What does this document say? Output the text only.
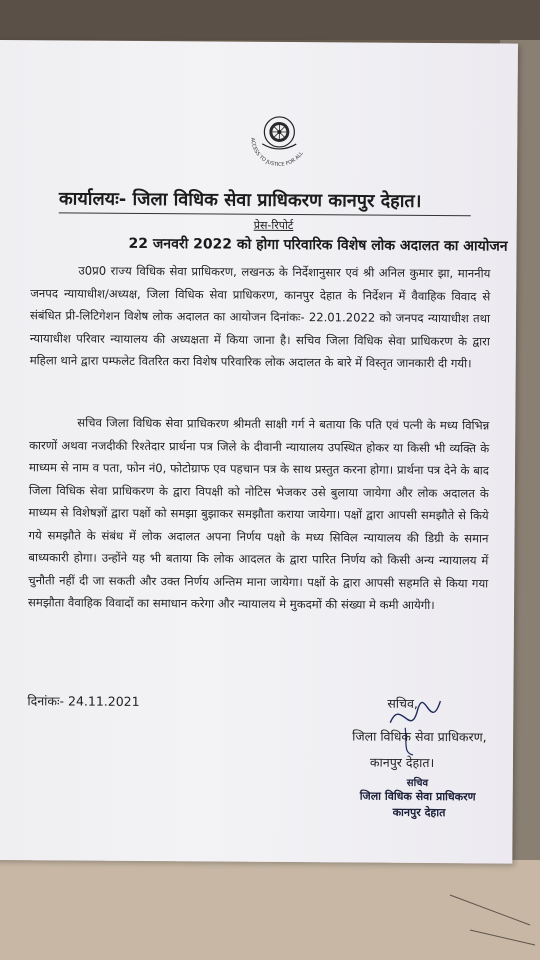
ACCESS TO JUSTICE FOR ALL
कार्यालयः- जिला विधिक सेवा प्राधिकरण कानपुर देहात।
प्रेस-रिपोर्ट
22 जनवरी 2022 को होगा परिवारिक विशेष लोक अदालत का आयोजन

उ0प्र0 राज्य विधिक सेवा प्राधिकरण, लखनऊ के निर्देशानुसार एवं श्री अनिल कुमार झा, माननीय जनपद न्यायाधीश/अध्यक्ष, जिला विधिक सेवा प्राधिकरण, कानपुर देहात के निर्देशन में वैवाहिक विवाद से संबंधित प्री-लिटिगेशन विशेष लोक अदालत का आयोजन दिनांकः- 22.01.2022 को जनपद न्यायाधीश तथा न्यायाधीश परिवार न्यायालय की अध्यक्षता में किया जाना है। सचिव जिला विधिक सेवा प्राधिकरण के द्वारा महिला थाने द्वारा पम्फलेट वितरित करा विशेष परिवारिक लोक अदालत के बारे में विस्तृत जानकारी दी गयी।

सचिव जिला विधिक सेवा प्राधिकरण श्रीमती साक्षी गर्ग ने बताया कि पति एवं पत्नी के मध्य विभिन्न कारणों अथवा नजदीकी रिश्तेदार प्रार्थना पत्र जिले के दीवानी न्यायालय उपस्थित होकर या किसी भी व्यक्ति के माध्यम से नाम व पता, फोन नं0, फोटोग्राफ एव पहचान पत्र के साथ प्रस्तुत करना होगा। प्रार्थना पत्र देने के बाद जिला विधिक सेवा प्राधिकरण के द्वारा विपक्षी को नोटिस भेजकर उसे बुलाया जायेगा और लोक अदालत के माध्यम से विशेषज्ञों द्वारा पक्षों को समझा बुझाकर समझौता कराया जायेगा। पक्षों द्वारा आपसी समझौते से किये गये समझौते के संबंध में लोक अदालत अपना निर्णय पक्षो के मध्य सिविल न्यायालय की डिग्री के समान बाध्यकारी होगा। उन्होंने यह भी बताया कि लोक आदलत के द्वारा पारित निर्णय को किसी अन्य न्यायालय में चुनौती नहीं दी जा सकती और उक्त निर्णय अन्तिम माना जायेगा। पक्षों के द्वारा आपसी सहमति से किया गया समझौता वैवाहिक विवादों का समाधान करेगा और न्यायालय मे मुकदमों की संख्या मे कमी आयेगी।

दिनांकः- 24.11.2021	सचिव,
जिला विधिक सेवा प्राधिकरण,
कानपुर देहात।
सचिव
जिला विधिक सेवा प्राधिकरण
कानपुर देहात
